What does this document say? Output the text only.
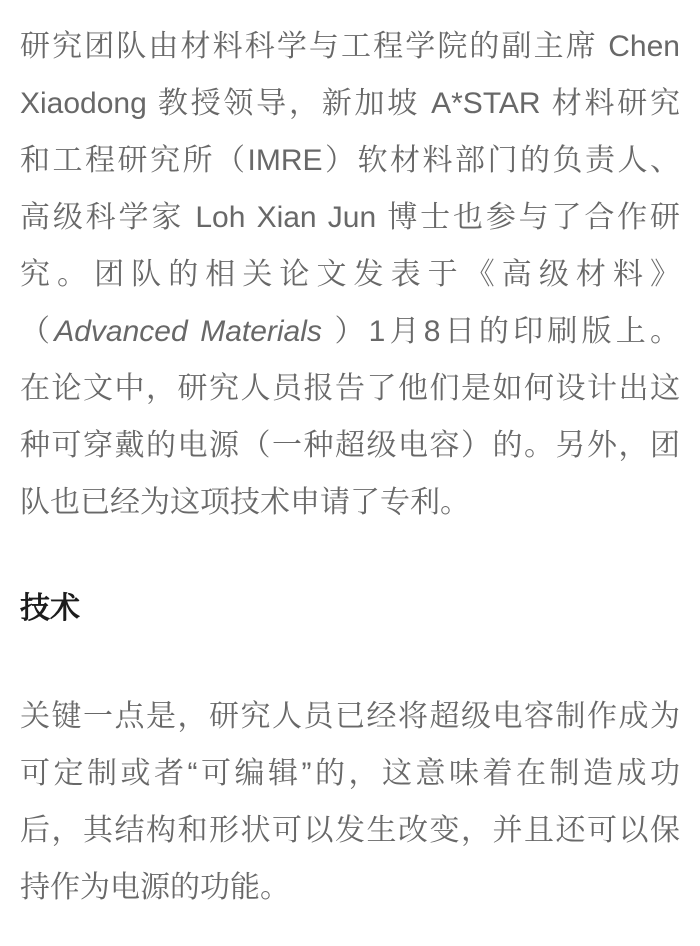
研究团队由材料科学与工程学院的副主席 Chen
Xiaodong 教授领导，新加坡 A*STAR 材料研究
和工程研究所（IMRE）软材料部门的负责人、
高级科学家 Loh Xian Jun 博士也参与了合作研
究。团队的相关论文发表于《高级材料》
（Advanced Materials ）1月8日的印刷版上。
在论文中，研究人员报告了他们是如何设计出这
种可穿戴的电源（一种超级电容）的。另外，团
队也已经为这项技术申请了专利。

技术

关键一点是，研究人员已经将超级电容制作成为
可定制或者“可编辑”的，这意味着在制造成功
后，其结构和形状可以发生改变，并且还可以保
持作为电源的功能。
